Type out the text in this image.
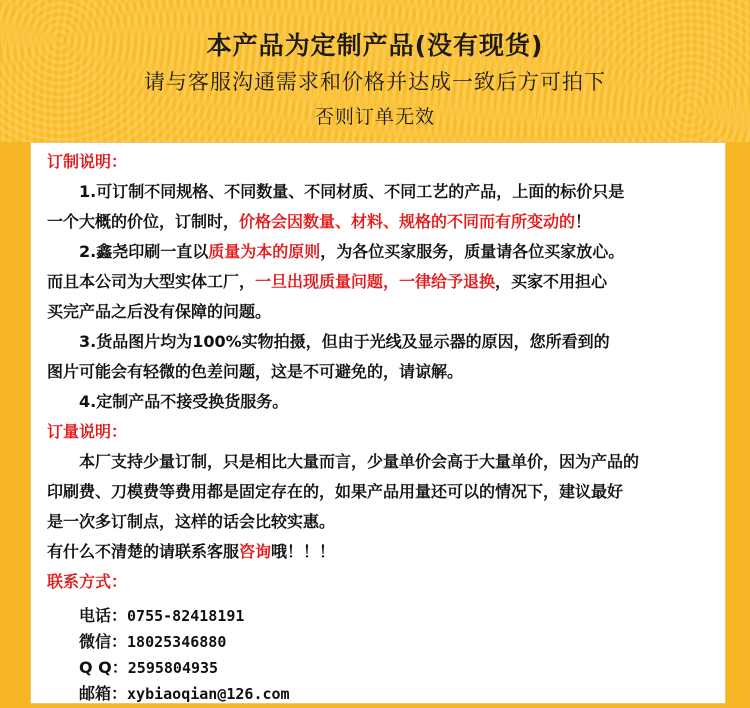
本产品为定制产品(没有现货)
请与客服沟通需求和价格并达成一致后方可拍下
否则订单无效
订制说明：
1.可订制不同规格、不同数量、不同材质、不同工艺的产品，上面的标价只是
一个大概的价位，订制时，价格会因数量、材料、规格的不同而有所变动的！
2.鑫尧印刷一直以质量为本的原则，为各位买家服务，质量请各位买家放心。
而且本公司为大型实体工厂，一旦出现质量问题，一律给予退换，买家不用担心
买完产品之后没有保障的问题。
3.货品图片均为100%实物拍摄，但由于光线及显示器的原因，您所看到的
图片可能会有轻微的色差问题，这是不可避免的，请谅解。
4.定制产品不接受换货服务。
订量说明：
本厂支持少量订制，只是相比大量而言，少量单价会高于大量单价，因为产品的
印刷费、刀模费等费用都是固定存在的，如果产品用量还可以的情况下，建议最好
是一次多订制点，这样的话会比较实惠。
有什么不清楚的请联系客服咨询哦！！！
联系方式：
电话：0755-82418191
微信：18025346880
Q Q：2595804935
邮箱：xybiaoqian@126.com
